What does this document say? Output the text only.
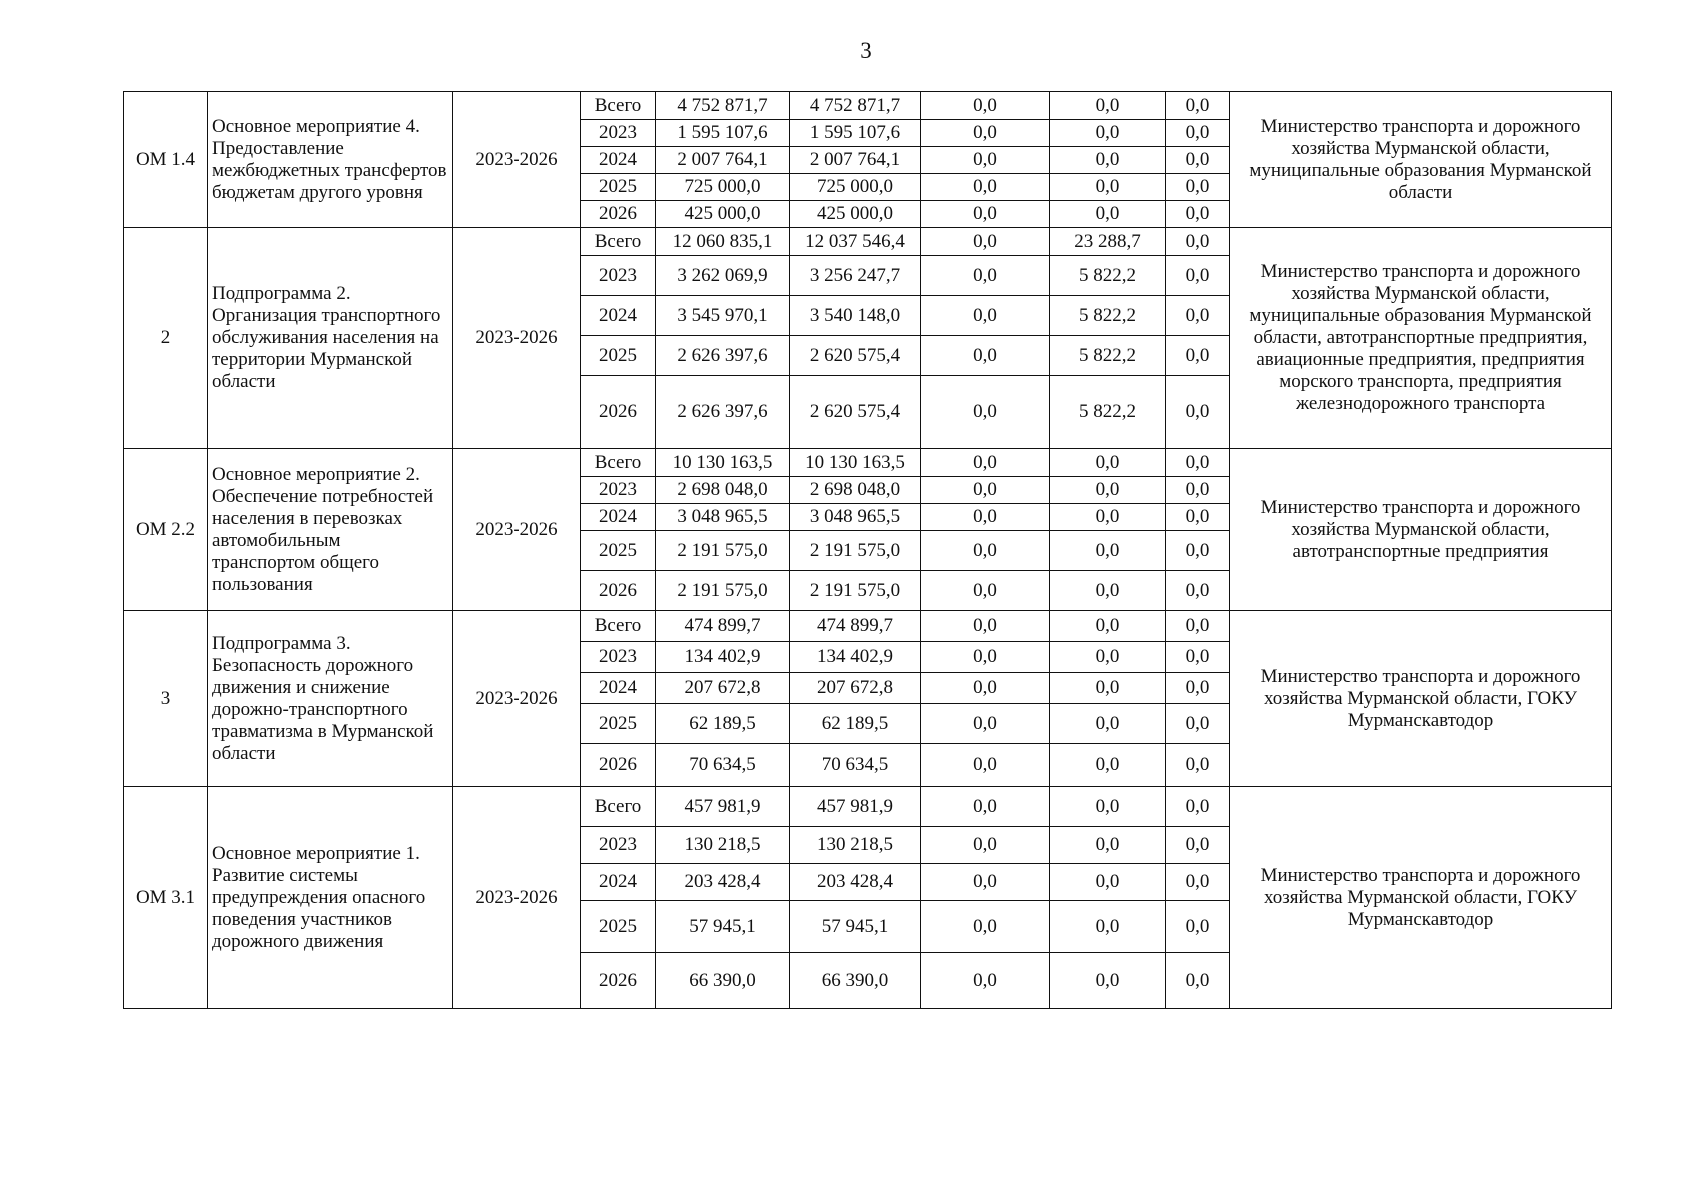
3
ОМ 1.4	Основное мероприятие 4. Предоставление межбюджетных трансфертов бюджетам другого уровня	2023-2026	Всего	4 752 871,7	4 752 871,7	0,0	0,0	0,0	Министерство транспорта и дорожного хозяйства Мурманской области, муниципальные образования Мурманской области
			2023	1 595 107,6	1 595 107,6	0,0	0,0	0,0	
			2024	2 007 764,1	2 007 764,1	0,0	0,0	0,0	
			2025	725 000,0	725 000,0	0,0	0,0	0,0	
			2026	425 000,0	425 000,0	0,0	0,0	0,0	
2	Подпрограмма 2. Организация транспортного обслуживания населения на территории Мурманской области	2023-2026	Всего	12 060 835,1	12 037 546,4	0,0	23 288,7	0,0	Министерство транспорта и дорожного хозяйства Мурманской области, муниципальные образования Мурманской области, автотранспортные предприятия, авиационные предприятия, предприятия морского транспорта, предприятия железнодорожного транспорта
			2023	3 262 069,9	3 256 247,7	0,0	5 822,2	0,0	
			2024	3 545 970,1	3 540 148,0	0,0	5 822,2	0,0	
			2025	2 626 397,6	2 620 575,4	0,0	5 822,2	0,0	
			2026	2 626 397,6	2 620 575,4	0,0	5 822,2	0,0	
ОМ 2.2	Основное мероприятие 2. Обеспечение потребностей населения в перевозках автомобильным транспортом общего пользования	2023-2026	Всего	10 130 163,5	10 130 163,5	0,0	0,0	0,0	Министерство транспорта и дорожного хозяйства Мурманской области, автотранспортные предприятия
			2023	2 698 048,0	2 698 048,0	0,0	0,0	0,0	
			2024	3 048 965,5	3 048 965,5	0,0	0,0	0,0	
			2025	2 191 575,0	2 191 575,0	0,0	0,0	0,0	
			2026	2 191 575,0	2 191 575,0	0,0	0,0	0,0	
3	Подпрограмма 3. Безопасность дорожного движения и снижение дорожно-транспортного травматизма в Мурманской области	2023-2026	Всего	474 899,7	474 899,7	0,0	0,0	0,0	Министерство транспорта и дорожного хозяйства Мурманской области, ГОКУ Мурманскавтодор
			2023	134 402,9	134 402,9	0,0	0,0	0,0	
			2024	207 672,8	207 672,8	0,0	0,0	0,0	
			2025	62 189,5	62 189,5	0,0	0,0	0,0	
			2026	70 634,5	70 634,5	0,0	0,0	0,0	
ОМ 3.1	Основное мероприятие 1. Развитие системы предупреждения опасного поведения участников дорожного движения	2023-2026	Всего	457 981,9	457 981,9	0,0	0,0	0,0	Министерство транспорта и дорожного хозяйства Мурманской области, ГОКУ Мурманскавтодор
			2023	130 218,5	130 218,5	0,0	0,0	0,0	
			2024	203 428,4	203 428,4	0,0	0,0	0,0	
			2025	57 945,1	57 945,1	0,0	0,0	0,0	
			2026	66 390,0	66 390,0	0,0	0,0	0,0	
